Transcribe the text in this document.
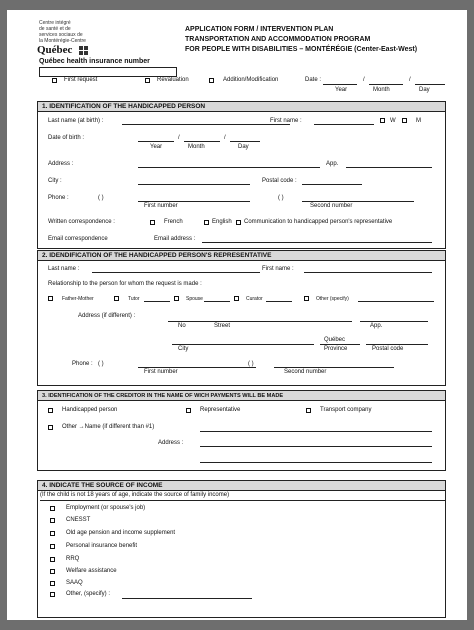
Centre intégré
de santé et de
services sociaux de
la Montérégie-Centre
Québec
APPLICATION FORM / INTERVENTION PLAN
TRANSPORTATION AND ACCOMMODATION PROGRAM
FOR PEOPLE WITH DISABILITIES – MONTÉRÉGIE (Center-East-West)
Québec health insurance number
First request	Revaluation	Addition/Modification	Date :	/	/
Year	Month	Day
1. IDENTIFICATION OF THE HANDICAPPED PERSON
Last name (at birth) :	First name :	W	M
Date of birth :	/	/
Year	Month	Day
Address :	App.
City :	Postal code :
Phone :	( )	( )
First number	Second number
Written correspondence :	French	English Communication to handicapped person's representative
Email correspondence	Email address :
2. IDENDIFICATION OF THE HANDICAPPED PERSON'S REPRESENTATIVE
Last name :	First name :
Relationship to the person for whom the request is made :
Father-Mother	Tutor	Spouse	Curator	Other (specify)
Address (if different) :
No	Street	App.
Québec
City	Province	Postal code
Phone : ( )	( )
First number	Second number
3. IDENTIFICATION OF THE CREDITOR IN THE NAME OF WICH PAYMENTS WILL BE MADE
Handicapped person	Representative	Transport company
Other →Name (if different than #1)
Address :
4. INDICATE THE SOURCE OF INCOME
(If the child is not 18 years of age, indicate the source of family income)
Employment (or spouse's job)
CNESST
Old age pension and income supplement
Personal insurance benefit
RRQ
Welfare assistance
SAAQ
Other, (specify) :
